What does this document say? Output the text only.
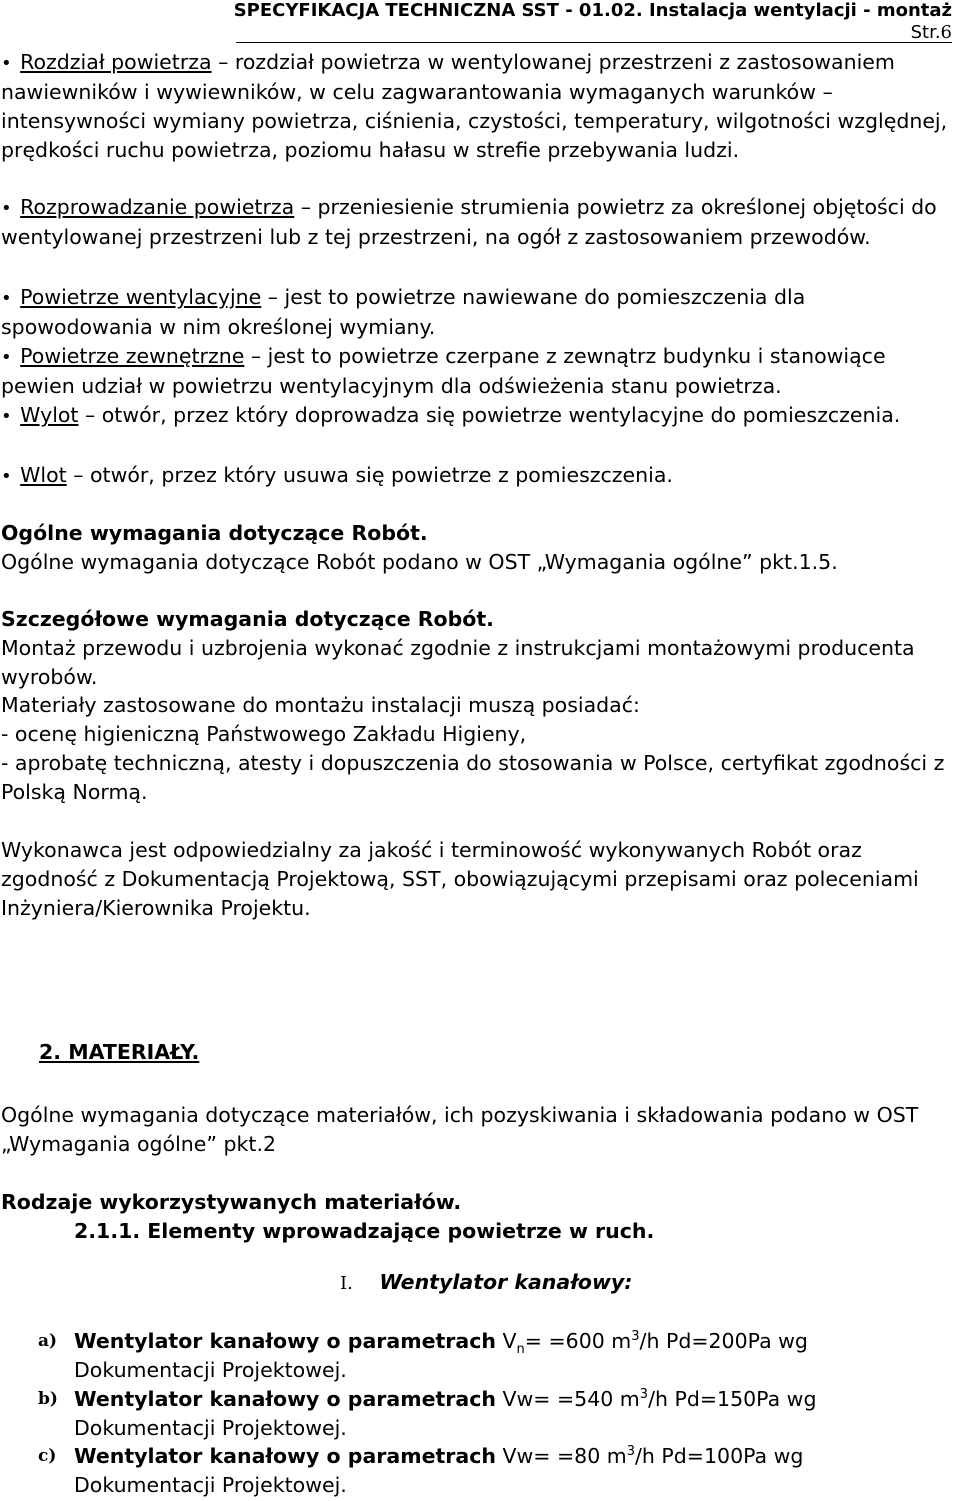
SPECYFIKACJA TECHNICZNA SST - 01.02. Instalacja wentylacji - montaż
Str.6

• Rozdział powietrza – rozdział powietrza w wentylowanej przestrzeni z zastosowaniem nawiewników i wywiewników, w celu zagwarantowania wymaganych warunków – intensywności wymiany powietrza, ciśnienia, czystości, temperatury, wilgotności względnej, prędkości ruchu powietrza, poziomu hałasu w strefie przebywania ludzi.

• Rozprowadzanie powietrza – przeniesienie strumienia powietrz za określonej objętości do wentylowanej przestrzeni lub z tej przestrzeni, na ogół z zastosowaniem przewodów.

• Powietrze wentylacyjne – jest to powietrze nawiewane do pomieszczenia dla spowodowania w nim określonej wymiany.

• Powietrze zewnętrzne – jest to powietrze czerpane z zewnątrz budynku i stanowiące pewien udział w powietrzu wentylacyjnym dla odświeżenia stanu powietrza.

• Wylot – otwór, przez który doprowadza się powietrze wentylacyjne do pomieszczenia.

• Wlot – otwór, przez który usuwa się powietrze z pomieszczenia.

Ogólne wymagania dotyczące Robót.

Ogólne wymagania dotyczące Robót podano w OST „Wymagania ogólne” pkt.1.5.

Szczegółowe wymagania dotyczące Robót.

Montaż przewodu i uzbrojenia wykonać zgodnie z instrukcjami montażowymi producenta wyrobów.

Materiały zastosowane do montażu instalacji muszą posiadać:

- ocenę higieniczną Państwowego Zakładu Higieny,

- aprobatę techniczną, atesty i dopuszczenia do stosowania w Polsce, certyfikat zgodności z Polską Normą.

Wykonawca jest odpowiedzialny za jakość i terminowość wykonywanych Robót oraz zgodność z Dokumentacją Projektową, SST, obowiązującymi przepisami oraz poleceniami Inżyniera/Kierownika Projektu.

2. MATERIAŁY.

Ogólne wymagania dotyczące materiałów, ich pozyskiwania i składowania podano w OST „Wymagania ogólne” pkt.2

Rodzaje wykorzystywanych materiałów.

2.1.1. Elementy wprowadzające powietrze w ruch.

I. Wentylator kanałowy:

a) Wentylator kanałowy o parametrach $V_n= =600$ $m^3/h$ Pd=200Pa wg
Dokumentacji Projektowej.
b) Wentylator kanałowy o parametrach Vw= =540 $m^3/h$ Pd=150Pa wg
Dokumentacji Projektowej.
c) Wentylator kanałowy o parametrach Vw= =80 $m^3/h$ Pd=100Pa wg
Dokumentacji Projektowej.
